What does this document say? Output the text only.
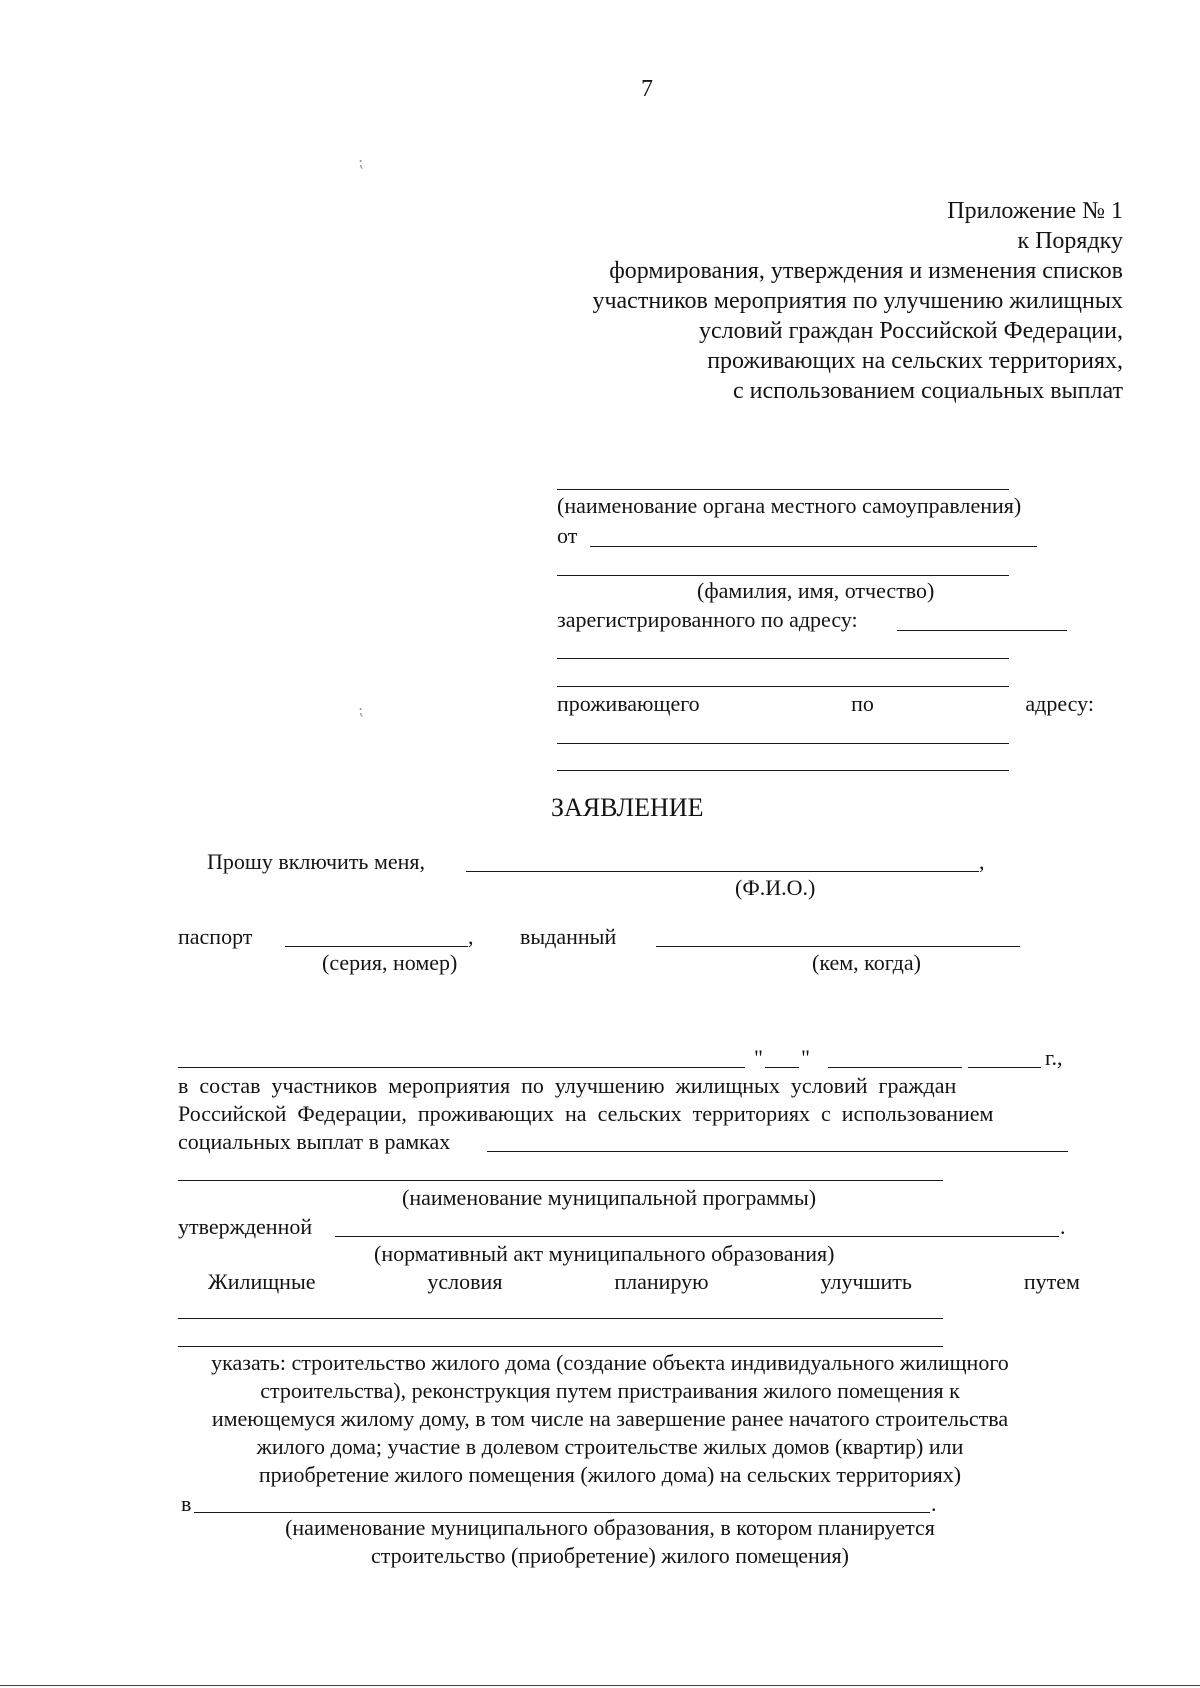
7
⁏
⁏
Приложение № 1
к Порядку
формирования, утверждения и изменения списков
участников мероприятия по улучшению жилищных
условий граждан Российской Федерации,
проживающих на сельских территориях,
с использованием социальных выплат
(наименование органа местного самоуправления)
от
(фамилия, имя, отчество)
зарегистрированного по адресу:
проживающего	по	адресу:
ЗАЯВЛЕНИЕ
Прошу включить меня,	,
(Ф.И.О.)
паспорт	, выданный
(серия, номер)	(кем, когда)
" "	г.,
в  состав  участников  мероприятия  по  улучшению  жилищных  условий  граждан
Российской  Федерации,  проживающих  на  сельских  территориях  с  использованием
социальных выплат в рамках
(наименование муниципальной программы)
утвержденной	.
(нормативный акт муниципального образования)
Жилищные	условия	планирую	улучшить	путем
указать: строительство жилого дома (создание объекта индивидуального жилищного
строительства), реконструкция путем пристраивания жилого помещения к
имеющемуся жилому дому, в том числе на завершение ранее начатого строительства
жилого дома; участие в долевом строительстве жилых домов (квартир) или
приобретение жилого помещения (жилого дома) на сельских территориях)
в	.
(наименование муниципального образования, в котором планируется
строительство (приобретение) жилого помещения)
